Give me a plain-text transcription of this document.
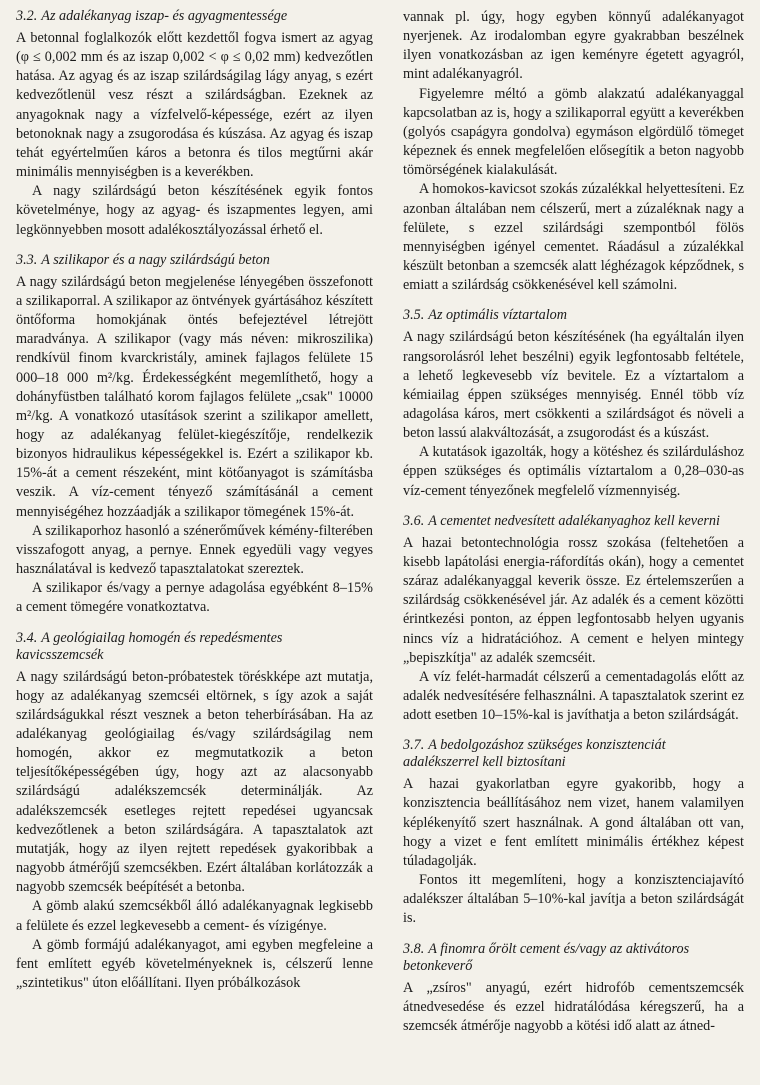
3.2. Az adalékanyag iszap- és agyagmentessége

A betonnal foglalkozók előtt kezdettől fogva ismert az agyag (φ ≤ 0,002 mm és az iszap 0,002 < φ ≤ 0,02 mm) kedvezőtlen hatása. Az agyag és az iszap szilárdságilag lágy anyag, s ezért kedvezőtlenül vesz részt a szilárdságban. Ezeknek az anyagoknak nagy a vízfelvelő-képessége, ezért az ilyen betonoknak nagy a zsugorodása és kúszása. Az agyag és iszap tehát egyértelműen káros a betonra és tilos megtűrni akár minimális mennyiségben is a keverékben.

A nagy szilárdságú beton készítésének egyik fontos követelménye, hogy az agyag- és iszapmentes legyen, ami legkönnyebben mosott adalékosztályozással érhető el.

3.3. A szilikapor és a nagy szilárdságú beton

A nagy szilárdságú beton megjelenése lényegében összefonott a szilikaporral. A szilikapor az öntvények gyártásához készített öntőforma homokjának öntés befejeztével létrejött maradványa. A szilikapor (vagy más néven: mikroszilika) rendkívül finom kvarckristály, aminek fajlagos felülete 15 000–18 000 m²/kg. Érdekességként megemlíthető, hogy a dohányfüstben található korom fajlagos felülete „csak" 10000 m²/kg. A vonatkozó utasítások szerint a szilikapor amellett, hogy az adalékanyag felület-kiegészítője, rendelkezik bizonyos hidraulikus képességekkel is. Ezért a szilikapor kb. 15%-át a cement részeként, mint kötőanyagot is számításba veszik. A víz-cement tényező számításánál a cement mennyiségéhez hozzáadják a szilikapor tömegének 15%-át.

A szilikaporhoz hasonló a szénerőművek kémény-filterében visszafogott anyag, a pernye. Ennek egyedüli vagy vegyes használatával is kedvező tapasztalatokat szereztek.

A szilikapor és/vagy a pernye adagolása egyébként 8–15% a cement tömegére vonatkoztatva.

3.4. A geológiailag homogén és repedésmentes kavicsszemcsék

A nagy szilárdságú beton-próbatestek töréskképe azt mutatja, hogy az adalékanyag szemcséi eltörnek, s így azok a saját szilárdságukkal részt vesznek a beton teherbírásában. Ha az adalékanyag geológiailag és/vagy szilárdságilag nem homogén, akkor ez megmutatkozik a beton teljesítőképességében úgy, hogy azt az alacsonyabb szilárdságú adalékszemcsék determinálják. Az adalékszemcsék esetleges rejtett repedései ugyancsak kedvezőtlenek a beton szilárdságára. A tapasztalatok azt mutatják, hogy az ilyen rejtett repedések gyakoribbak a nagyobb átmérőjű szemcsékben. Ezért általában korlátozzák a nagyobb szemcsék beépítését a betonba.

A gömb alakú szemcsékből álló adalékanyagnak legkisebb a felülete és ezzel legkevesebb a cement- és vízigénye.

A gömb formájú adalékanyagot, ami egyben megfeleine a fent említett egyéb követelményeknek is, célszerű lenne „szintetikus" úton előállítani. Ilyen próbálkozások

vannak pl. úgy, hogy egyben könnyű adalékanyagot nyerjenek. Az irodalomban egyre gyakrabban beszélnek ilyen vonatkozásban az igen keményre égetett agyagról, mint adalékanyagról.

Figyelemre méltó a gömb alakzatú adalékanyaggal kapcsolatban az is, hogy a szilikaporral együtt a keverékben (golyós csapágyra gondolva) egymáson elgördülő tömeget képeznek és ennek megfelelően elősegítik a beton nagyobb tömörségének kialakulását.

A homokos-kavicsot szokás zúzalékkal helyettesíteni. Ez azonban általában nem célszerű, mert a zúzaléknak nagy a felülete, s ezzel szilárdsági szempontból fölös mennyiségben igényel cementet. Ráadásul a zúzalékkal készült betonban a szemcsék alatt léghézagok képződnek, s emiatt a szilárdság csökkenésével kell számolni.

3.5. Az optimális víztartalom

A nagy szilárdságú beton készítésének (ha egyáltalán ilyen rangsorolásról lehet beszélni) egyik legfontosabb feltétele, a lehető legkevesebb víz bevitele. Ez a víztartalom a kémiailag éppen szükséges mennyiség. Ennél több víz adagolása káros, mert csökkenti a szilárdságot és növeli a beton lassú alakváltozását, a zsugorodást és a kúszást.

A kutatások igazolták, hogy a kötéshez és szilárduláshoz éppen szükséges és optimális víztartalom a 0,28–030-as víz-cement tényezőnek megfelelő vízmennyiség.

3.6. A cementet nedvesített adalékanyaghoz kell keverni

A hazai betontechnológia rossz szokása (feltehetően a kisebb lapátolási energia-ráfordítás okán), hogy a cementet száraz adalékanyaggal keverik össze. Ez értelemszerűen a szilárdság csökkenésével jár. Az adalék és a cement közötti érintkezési ponton, az éppen legfontosabb helyen ugyanis nincs víz a hidratációhoz. A cement e helyen mintegy „bepiszkítja" az adalék szemcséit.

A víz felét-harmadát célszerű a cementadagolás előtt az adalék nedvesítésére felhasználni. A tapasztalatok szerint ez adott esetben 10–15%-kal is javíthatja a beton szilárdságát.

3.7. A bedolgozáshoz szükséges konzisztenciát adalékszerrel kell biztosítani

A hazai gyakorlatban egyre gyakoribb, hogy a konzisztencia beállításához nem vizet, hanem valamilyen képlékenyítő szert használnak. A gond általában ott van, hogy a vizet e fent említett minimális értékhez képest túladagolják.

Fontos itt megemlíteni, hogy a konzisztenciajavító adalékszer általában 5–10%-kal javítja a beton szilárdságát is.

3.8. A finomra őrölt cement és/vagy az aktivátoros betonkeverő

A „zsíros" anyagú, ezért hidrofób cementszemcsék átnedvesedése és ezzel hidratálódása kéregszerű, ha a szemcsék átmérője nagyobb a kötési idő alatt az átned-
